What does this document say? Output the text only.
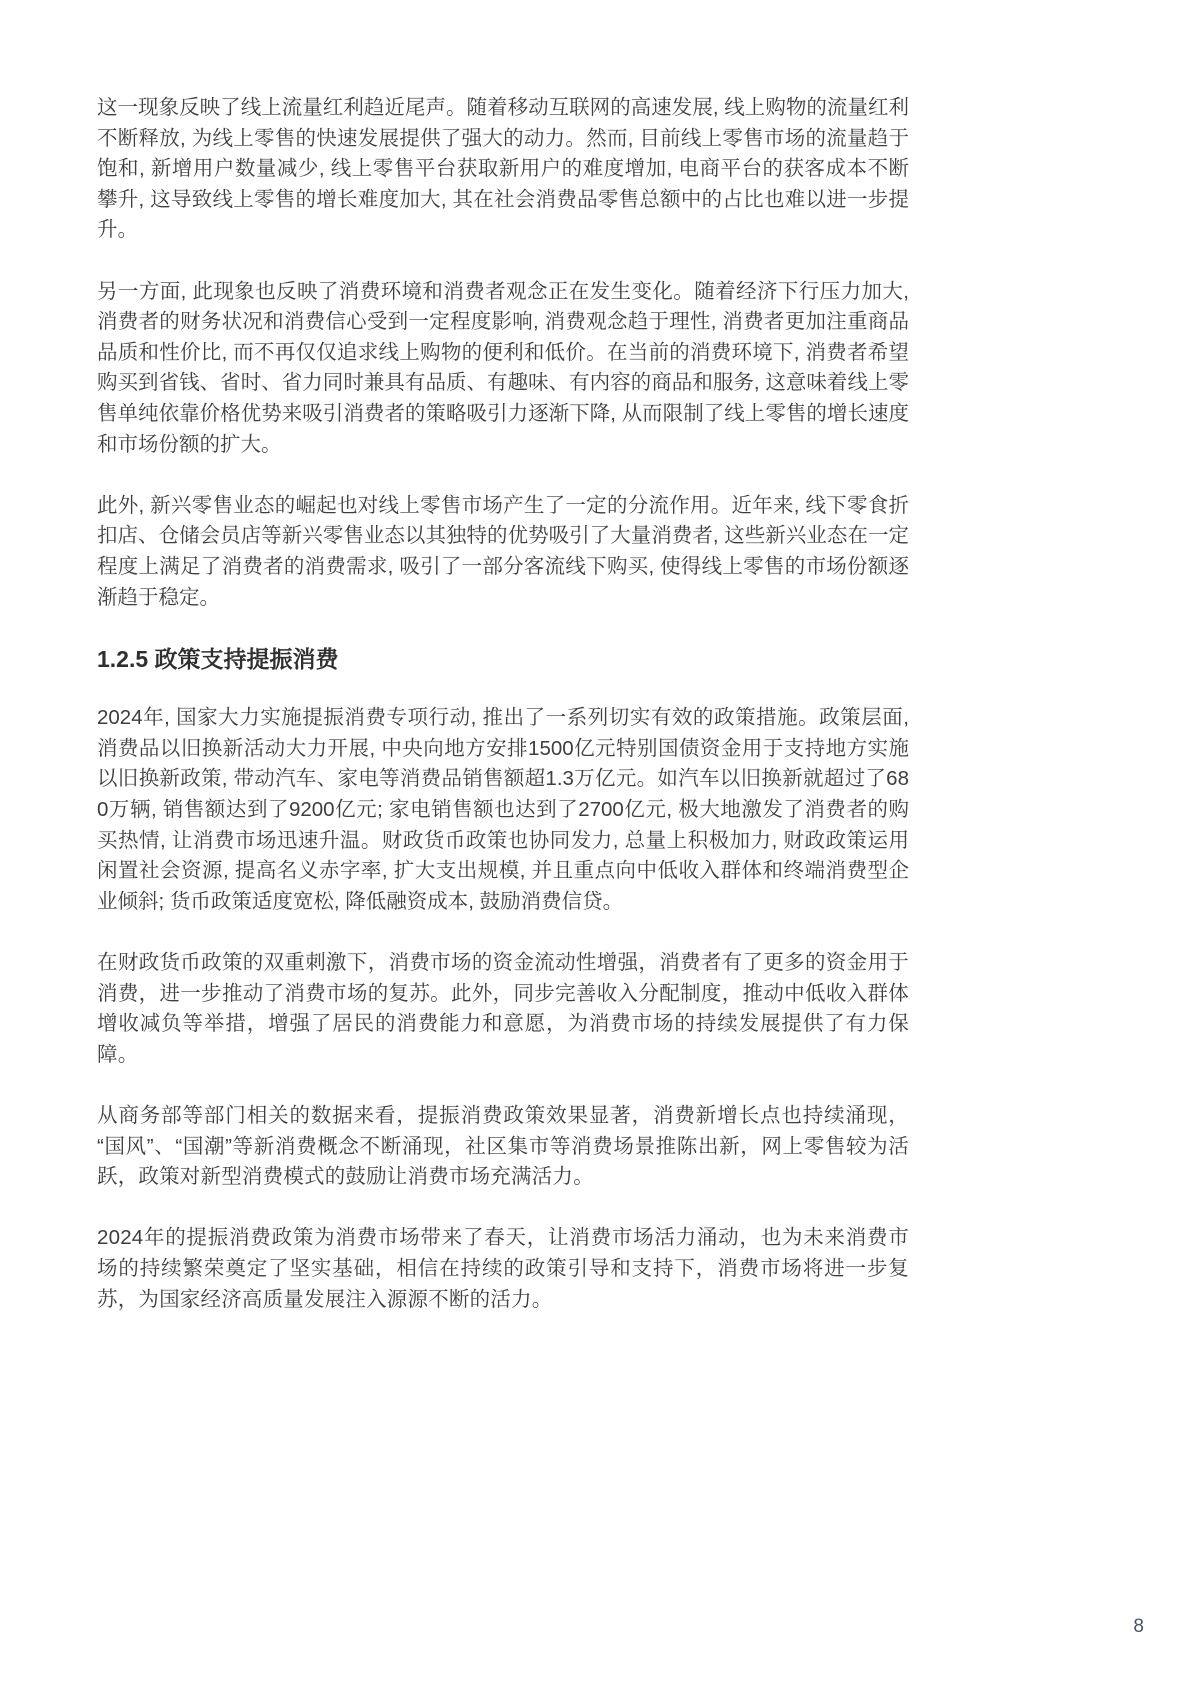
这一现象反映了线上流量红利趋近尾声。随着移动互联网的高速发展, 线上购物的流量红利不断释放, 为线上零售的快速发展提供了强大的动力。然而, 目前线上零售市场的流量趋于饱和, 新增用户数量减少, 线上零售平台获取新用户的难度增加, 电商平台的获客成本不断攀升, 这导致线上零售的增长难度加大, 其在社会消费品零售总额中的占比也难以进一步提升。

另一方面, 此现象也反映了消费环境和消费者观念正在发生变化。随着经济下行压力加大, 消费者的财务状况和消费信心受到一定程度影响, 消费观念趋于理性, 消费者更加注重商品品质和性价比, 而不再仅仅追求线上购物的便利和低价。在当前的消费环境下, 消费者希望购买到省钱、省时、省力同时兼具有品质、有趣味、有内容的商品和服务, 这意味着线上零售单纯依靠价格优势来吸引消费者的策略吸引力逐渐下降, 从而限制了线上零售的增长速度和市场份额的扩大。

此外, 新兴零售业态的崛起也对线上零售市场产生了一定的分流作用。近年来, 线下零食折扣店、仓储会员店等新兴零售业态以其独特的优势吸引了大量消费者, 这些新兴业态在一定程度上满足了消费者的消费需求, 吸引了一部分客流线下购买, 使得线上零售的市场份额逐渐趋于稳定。

1.2.5 政策支持提振消费

2024年, 国家大力实施提振消费专项行动, 推出了一系列切实有效的政策措施。政策层面, 消费品以旧换新活动大力开展, 中央向地方安排1500亿元特别国债资金用于支持地方实施以旧换新政策, 带动汽车、家电等消费品销售额超1.3万亿元。如汽车以旧换新就超过了680万辆, 销售额达到了9200亿元; 家电销售额也达到了2700亿元, 极大地激发了消费者的购买热情, 让消费市场迅速升温。财政货币政策也协同发力, 总量上积极加力, 财政政策运用闲置社会资源, 提高名义赤字率, 扩大支出规模, 并且重点向中低收入群体和终端消费型企业倾斜; 货币政策适度宽松, 降低融资成本, 鼓励消费信贷。

在财政货币政策的双重刺激下，消费市场的资金流动性增强，消费者有了更多的资金用于消费，进一步推动了消费市场的复苏。此外，同步完善收入分配制度，推动中低收入群体增收减负等举措，增强了居民的消费能力和意愿，为消费市场的持续发展提供了有力保障。

从商务部等部门相关的数据来看，提振消费政策效果显著，消费新增长点也持续涌现，“国风”、“国潮”等新消费概念不断涌现，社区集市等消费场景推陈出新，网上零售较为活跃，政策对新型消费模式的鼓励让消费市场充满活力。

2024年的提振消费政策为消费市场带来了春天，让消费市场活力涌动，也为未来消费市场的持续繁荣奠定了坚实基础，相信在持续的政策引导和支持下，消费市场将进一步复苏，为国家经济高质量发展注入源源不断的活力。

8
